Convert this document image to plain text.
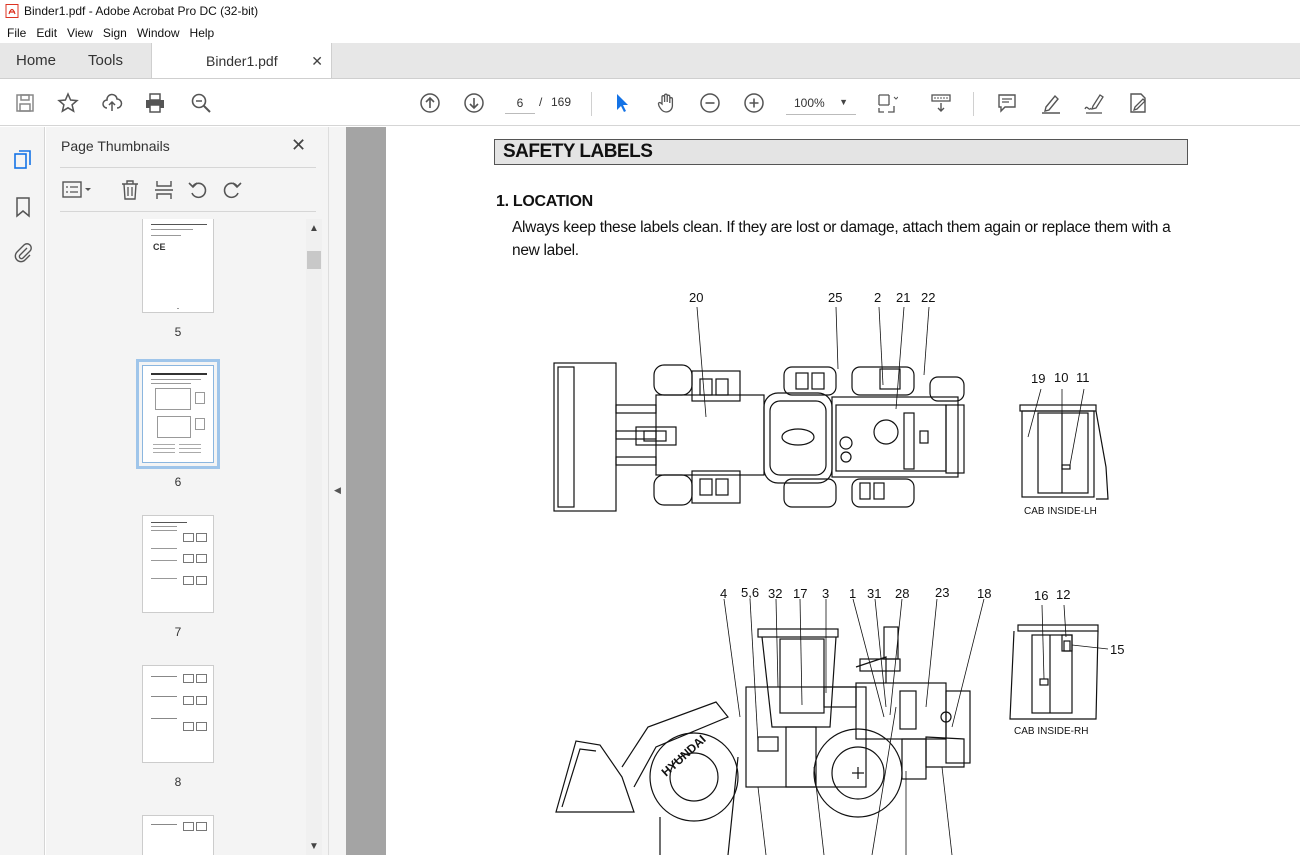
Binder1.pdf - Adobe Acrobat Pro DC (32-bit)
File Edit View Sign Window Help
Home	Tools	Binder1.pdf ✕
6
/ 169	100% ▼
Page Thumbnails	✕
CE
5
6
7
8
▲
▼
◀
SAFETY LABELS
1. LOCATION
Always keep these labels clean. If they are lost or damage, attach them again or replace them with a new label.
20	25 2 21 22
19 10 11
CAB INSIDE-LH
HYUNDAI
4 5,6 32 17 3 1 31 28 23 18	16 12
15
CAB INSIDE-RH
